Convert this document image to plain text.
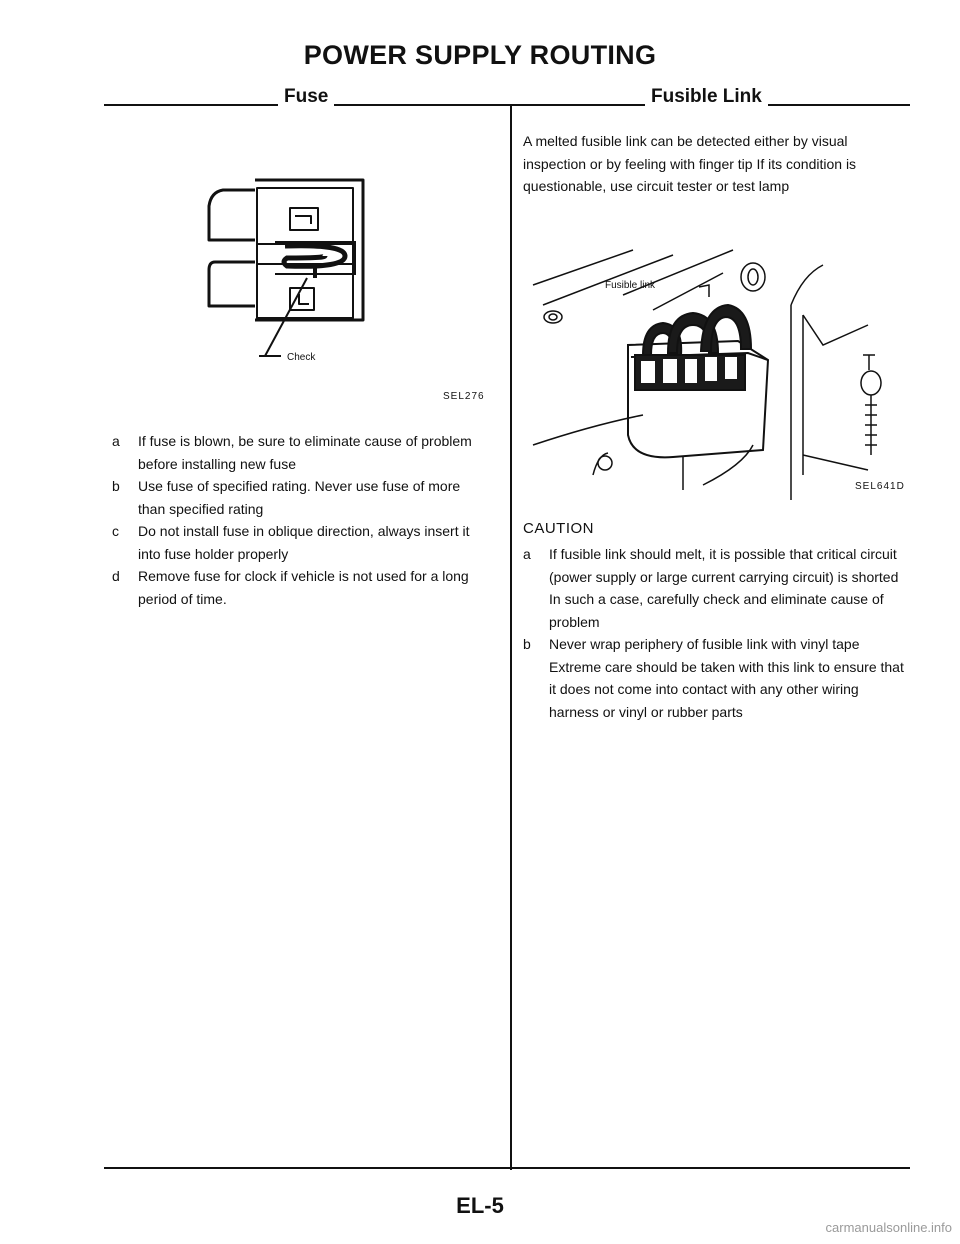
POWER SUPPLY ROUTING
Fuse	Fusible Link
Check
SEL276
a If fuse is blown, be sure to eliminate cause of problem before installing new fuse
b Use fuse of specified rating. Never use fuse of more than specified rating
c Do not install fuse in oblique direction, always insert it into fuse holder properly
d Remove fuse for clock if vehicle is not used for a long period of time.

A melted fusible link can be detected either by visual inspection or by feeling with finger tip If its condition is questionable, use circuit tester or test lamp

Fusible link
SEL641D
CAUTION
a If fusible link should melt, it is possible that critical circuit (power supply or large current carrying circuit) is shorted In such a case, carefully check and eliminate cause of problem
b Never wrap periphery of fusible link with vinyl tape Extreme care should be taken with this link to ensure that it does not come into contact with any other wiring harness or vinyl or rubber parts
EL-5
carmanualsonline.info
